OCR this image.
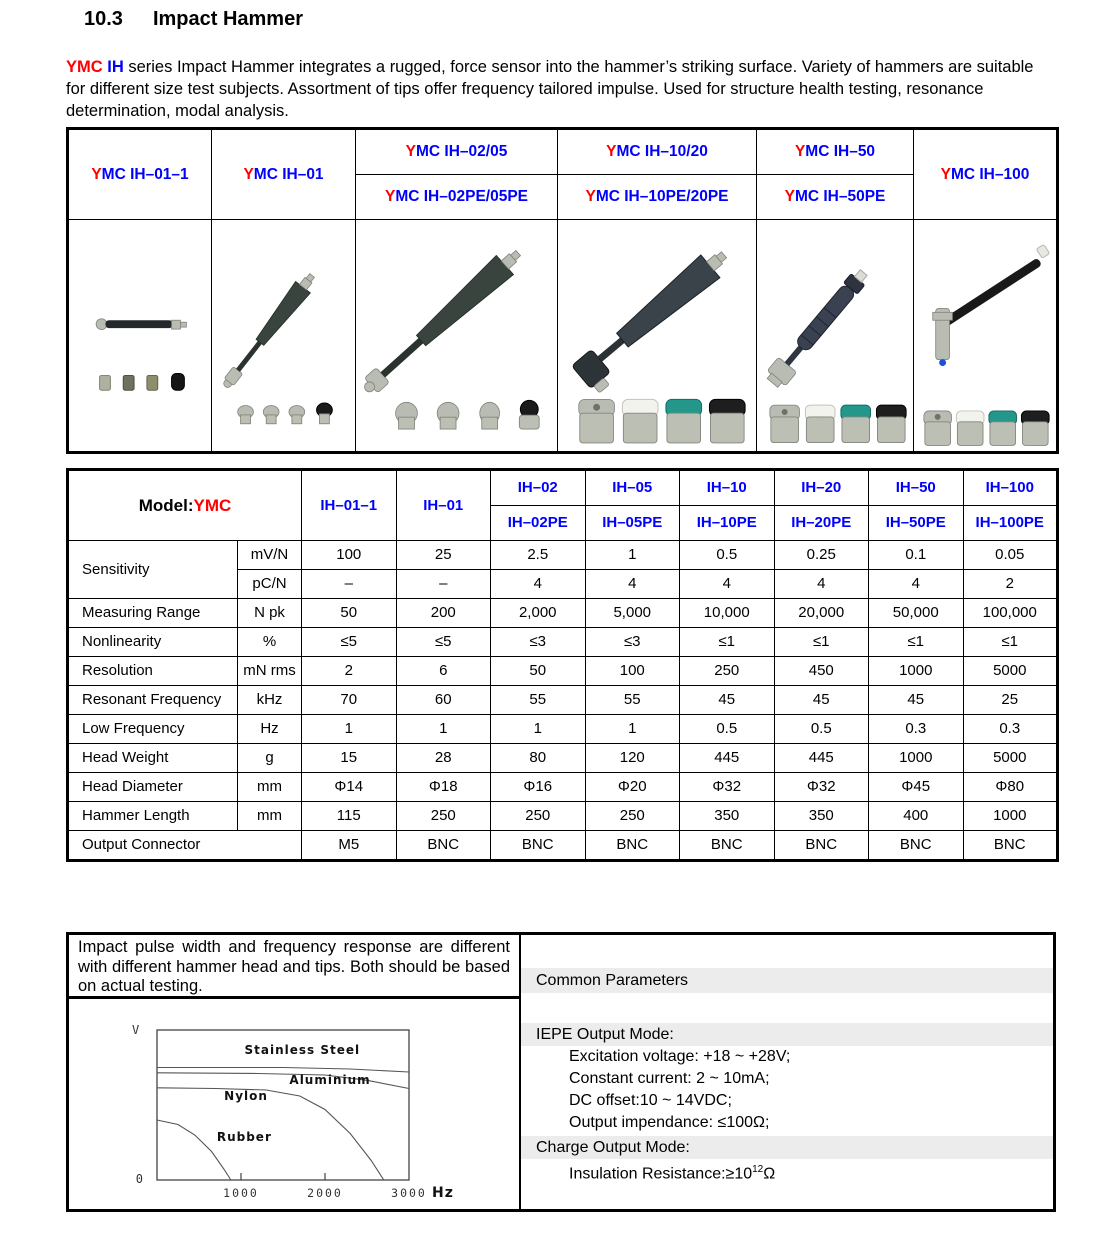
10.3 Impact Hammer
YMC IH series Impact Hammer integrates a rugged, force sensor into the hammer’s striking surface. Variety of hammers are suitable for different size test subjects. Assortment of tips offer frequency tailored impulse. Used for structure health testing, resonance determination, modal analysis.
YMC IH–01–1	YMC IH–01	YMC IH–02/05	YMC IH–10/20	YMC IH–50	YMC IH–100
		YMC IH–02PE/05PE	YMC IH–10PE/20PE	YMC IH–50PE	

Model:YMC		IH–01–1	IH–01	IH–02	IH–05	IH–10	IH–20	IH–50	IH–100
				IH–02PE	IH–05PE	IH–10PE	IH–20PE	IH–50PE	IH–100PE
Sensitivity	mV/N	100	25	2.5	1	0.5	0.25	0.1	0.05
	pC/N	–	–	4	4	4	4	4	2
Measuring Range	N pk	50	200	2,000	5,000	10,000	20,000	50,000	100,000
Nonlinearity	%	≤5	≤5	≤3	≤3	≤1	≤1	≤1	≤1
Resolution	mN rms	2	6	50	100	250	450	1000	5000
Resonant Frequency	kHz	70	60	55	55	45	45	45	25
Low Frequency	Hz	1	1	1	1	0.5	0.5	0.3	0.3
Head Weight	g	15	28	80	120	445	445	1000	5000
Head Diameter	mm	Φ14	Φ18	Φ16	Φ20	Φ32	Φ32	Φ45	Φ80
Hammer Length	mm	115	250	250	250	350	350	400	1000
Output Connector		M5	BNC	BNC	BNC	BNC	BNC	BNC	BNC
Impact pulse width and frequency response are different with different hammer head and tips. Both should be based on actual testing.
V
0
1000	2000	3000
Stainless Steel
Aluminium
Nylon
Rubber
Hz
Common Parameters
IEPE Output Mode:
Excitation voltage: +18 ~ +28V;
Constant current: 2 ~ 10mA;
DC offset:10 ~ 14VDC;
Output impendance: ≤100Ω;
Charge Output Mode:
Insulation $Resistance:\ge 10^{12}\Omega$
